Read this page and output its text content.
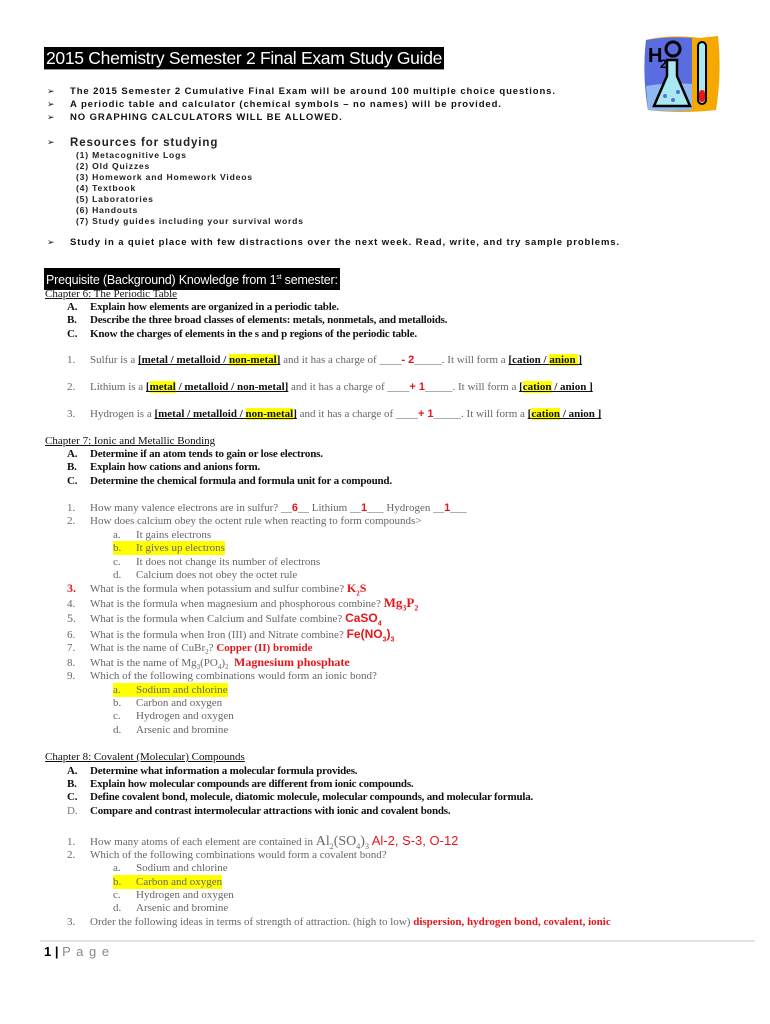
2015 Chemistry Semester 2 Final Exam Study Guide	H
2
➢ The 2015 Semester 2 Cumulative Final Exam will be around 100 multiple choice questions.
➢ A periodic table and calculator (chemical symbols – no names) will be provided.
➢ NO GRAPHING CALCULATORS WILL BE ALLOWED.
➢ Resources for studying
(1) Metacognitive Logs
(2) Old Quizzes
(3) Homework and Homework Videos
(4) Textbook
(5) Laboratories
(6) Handouts
(7) Study guides including your survival words
➢ Study in a quiet place with few distractions over the next week. Read, write, and try sample problems.
Prequisite (Background) Knowledge from 1st semester:
Chapter 6: The Periodic Table
A. Explain how elements are organized in a periodic table.
B. Describe the three broad classes of elements: metals, nonmetals, and metalloids.
C. Know the charges of elements in the s and p regions of the periodic table.
1. Sulfur is a [metal / metalloid / non-metal] and it has a charge of ____- 2_____. It will form a [cation / anion ]
2. Lithium is a [metal / metalloid / non-metal] and it has a charge of ____+ 1_____. It will form a [cation / anion ]
3. Hydrogen is a [metal / metalloid / non-metal] and it has a charge of ____+ 1_____. It will form a [cation / anion ]
Chapter 7: Ionic and Metallic Bonding
A. Determine if an atom tends to gain or lose electrons.
B. Explain how cations and anions form.
C. Determine the chemical formula and formula unit for a compound.
1. How many valence electrons are in sulfur? __6__ Lithium __1___ Hydrogen __1___
2. How does calcium obey the octent rule when reacting to form compounds>
a. It gains electrons
b. It gives up electrons
c. It does not change its number of electrons
d. Calcium does not obey the octet rule
3. What is the formula when potassium and sulfur combine? $K_2S$
4. What is the formula when magnesium and phosphorous combine? $Mg_3P_2$
5. What is the formula when Calcium and Sulfate combine? CaSO$_4$
6. What is the formula when Iron (III) and Nitrate combine? $Fe(NO_3)_3$
7. What is the name of CuBr$_2$? Copper (II) bromide
8. What is the name of $Mg_3(PO_4)_2$ Magnesium phosphate
9. Which of the following combinations would form an ionic bond?
a. Sodium and chlorine
b. Carbon and oxygen
c. Hydrogen and oxygen
d. Arsenic and bromine
Chapter 8: Covalent (Molecular) Compounds
A. Determine what information a molecular formula provides.
B. Explain how molecular compounds are different from ionic compounds.
C. Define covalent bond, molecule, diatomic molecule, molecular compounds, and molecular formula.
D. Compare and contrast intermolecular attractions with ionic and covalent bonds.
1. How many atoms of each element are contained in $Al_2(SO_4)_3$ Al-2, S-3, O-12
2. Which of the following combinations would form a covalent bond?
a. Sodium and chlorine
b. Carbon and oxygen
c. Hydrogen and oxygen
d. Arsenic and bromine
3. Order the following ideas in terms of strength of attraction. (high to low) dispersion, hydrogen bond, covalent, ionic
1 | P a g e
